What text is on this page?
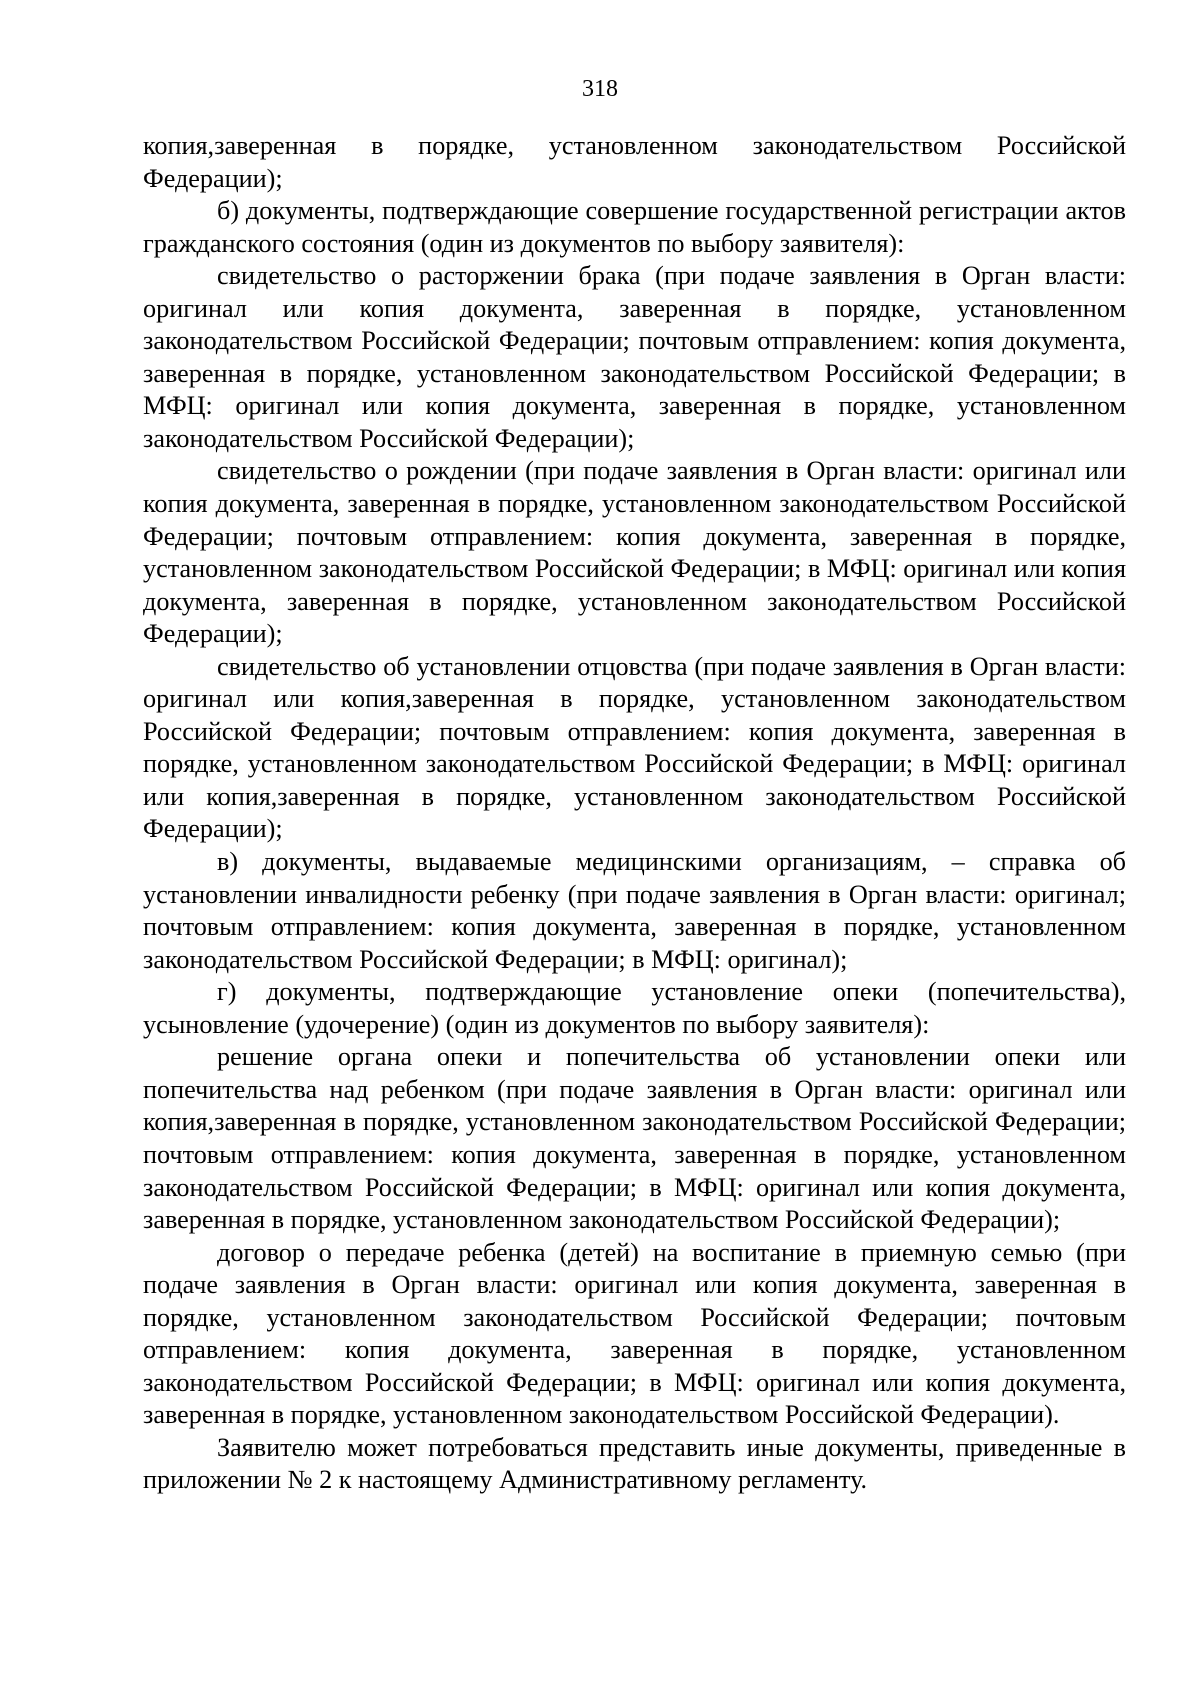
318

копия,заверенная в порядке, установленном законодательством Российской Федерации);

б) документы, подтверждающие совершение государственной регистрации актов гражданского состояния (один из документов по выбору заявителя):

свидетельство о расторжении брака (при подаче заявления в Орган власти: оригинал или копия документа, заверенная в порядке, установленном законодательством Российской Федерации; почтовым отправлением: копия документа, заверенная в порядке, установленном законодательством Российской Федерации; в МФЦ: оригинал или копия документа, заверенная в порядке, установленном законодательством Российской Федерации);

свидетельство о рождении (при подаче заявления в Орган власти: оригинал или копия документа, заверенная в порядке, установленном законодательством Российской Федерации; почтовым отправлением: копия документа, заверенная в порядке, установленном законодательством Российской Федерации; в МФЦ: оригинал или копия документа, заверенная в порядке, установленном законодательством Российской Федерации);

свидетельство об установлении отцовства (при подаче заявления в Орган власти: оригинал или копия,заверенная в порядке, установленном законодательством Российской Федерации; почтовым отправлением: копия документа, заверенная в порядке, установленном законодательством Российской Федерации; в МФЦ: оригинал или копия,заверенная в порядке, установленном законодательством Российской Федерации);

в) документы, выдаваемые медицинскими организациям, – справка об установлении инвалидности ребенку (при подаче заявления в Орган власти: оригинал; почтовым отправлением: копия документа, заверенная в порядке, установленном законодательством Российской Федерации; в МФЦ: оригинал);

г) документы, подтверждающие установление опеки (попечительства), усыновление (удочерение) (один из документов по выбору заявителя):

решение органа опеки и попечительства об установлении опеки или попечительства над ребенком (при подаче заявления в Орган власти: оригинал или копия,заверенная в порядке, установленном законодательством Российской Федерации; почтовым отправлением: копия документа, заверенная в порядке, установленном законодательством Российской Федерации; в МФЦ: оригинал или копия документа, заверенная в порядке, установленном законодательством Российской Федерации);

договор о передаче ребенка (детей) на воспитание в приемную семью (при подаче заявления в Орган власти: оригинал или копия документа, заверенная в порядке, установленном законодательством Российской Федерации; почтовым отправлением: копия документа, заверенная в порядке, установленном законодательством Российской Федерации; в МФЦ: оригинал или копия документа, заверенная в порядке, установленном законодательством Российской Федерации).

Заявителю может потребоваться представить иные документы, приведенные в приложении № 2 к настоящему Административному регламенту.
